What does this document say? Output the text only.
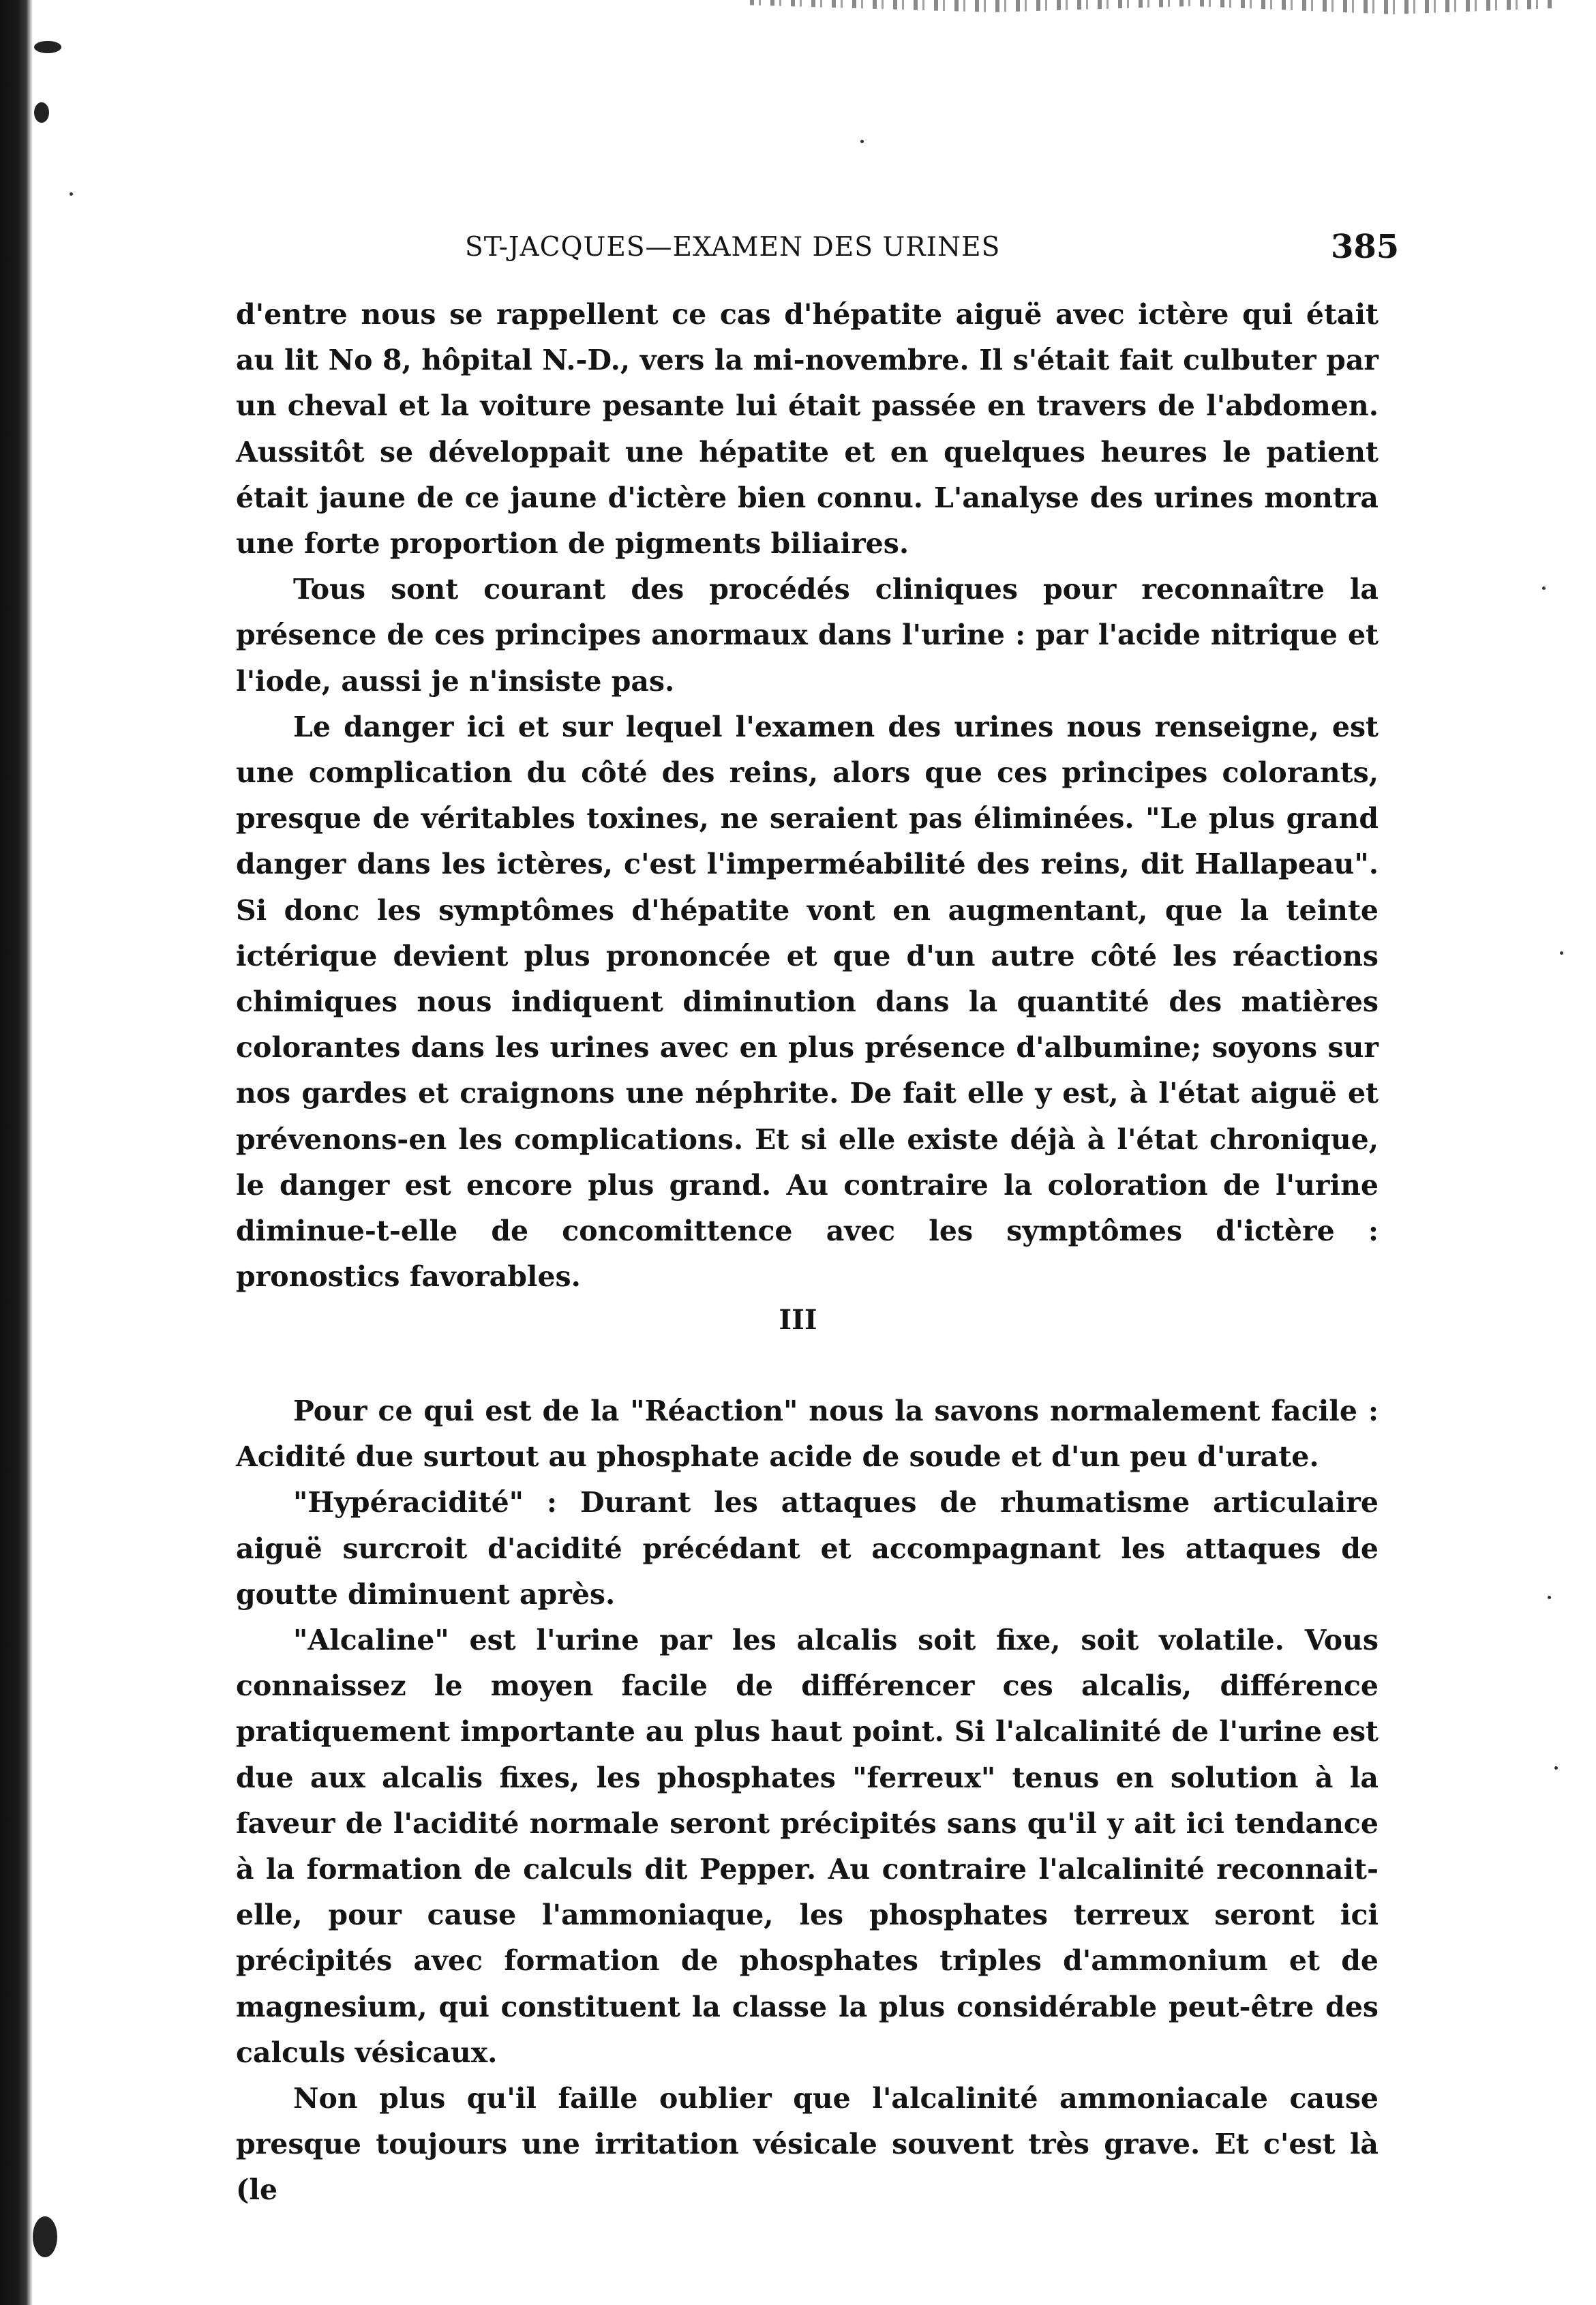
ST-JACQUES—EXAMEN DES URINES	385

d'entre nous se rappellent ce cas d'hépatite aiguë avec ictère qui était au lit No 8, hôpital N.-D., vers la mi-novembre. Il s'était fait culbuter par un cheval et la voiture pesante lui était passée en travers de l'abdomen. Aussitôt se développait une hépatite et en quelques heures le patient était jaune de ce jaune d'ictère bien connu. L'analyse des urines montra une forte proportion de pigments biliaires.

Tous sont courant des procédés cliniques pour reconnaître la présence de ces principes anormaux dans l'urine : par l'acide nitrique et l'iode, aussi je n'insiste pas.

Le danger ici et sur lequel l'examen des urines nous renseigne, est une complication du côté des reins, alors que ces principes colorants, presque de véritables toxines, ne seraient pas éliminées. "Le plus grand danger dans les ictères, c'est l'imperméabilité des reins, dit Hallapeau". Si donc les symptômes d'hépatite vont en augmentant, que la teinte ictérique devient plus prononcée et que d'un autre côté les réactions chimiques nous indiquent diminution dans la quantité des matières colorantes dans les urines avec en plus présence d'albumine; soyons sur nos gardes et craignons une néphrite. De fait elle y est, à l'état aiguë et prévenons-en les complications. Et si elle existe déjà à l'état chronique, le danger est encore plus grand. Au contraire la coloration de l'urine diminue-t-elle de concomittence avec les symptômes d'ictère : pronostics favorables.

III

Pour ce qui est de la "Réaction" nous la savons normalement facile : Acidité due surtout au phosphate acide de soude et d'un peu d'urate.

"Hypéracidité" : Durant les attaques de rhumatisme articulaire aiguë surcroit d'acidité précédant et accompagnant les attaques de goutte diminuent après.

"Alcaline" est l'urine par les alcalis soit fixe, soit volatile. Vous connaissez le moyen facile de différencer ces alcalis, différence pratiquement importante au plus haut point. Si l'alcalinité de l'urine est due aux alcalis fixes, les phosphates "ferreux" tenus en solution à la faveur de l'acidité normale seront précipités sans qu'il y ait ici tendance à la formation de calculs dit Pepper. Au contraire l'alcalinité reconnait-elle, pour cause l'ammoniaque, les phosphates terreux seront ici précipités avec formation de phosphates triples d'ammonium et de magnesium, qui constituent la classe la plus considérable peut-être des calculs vésicaux.

Non plus qu'il faille oublier que l'alcalinité ammoniacale cause presque toujours une irritation vésicale souvent très grave. Et c'est là (le
